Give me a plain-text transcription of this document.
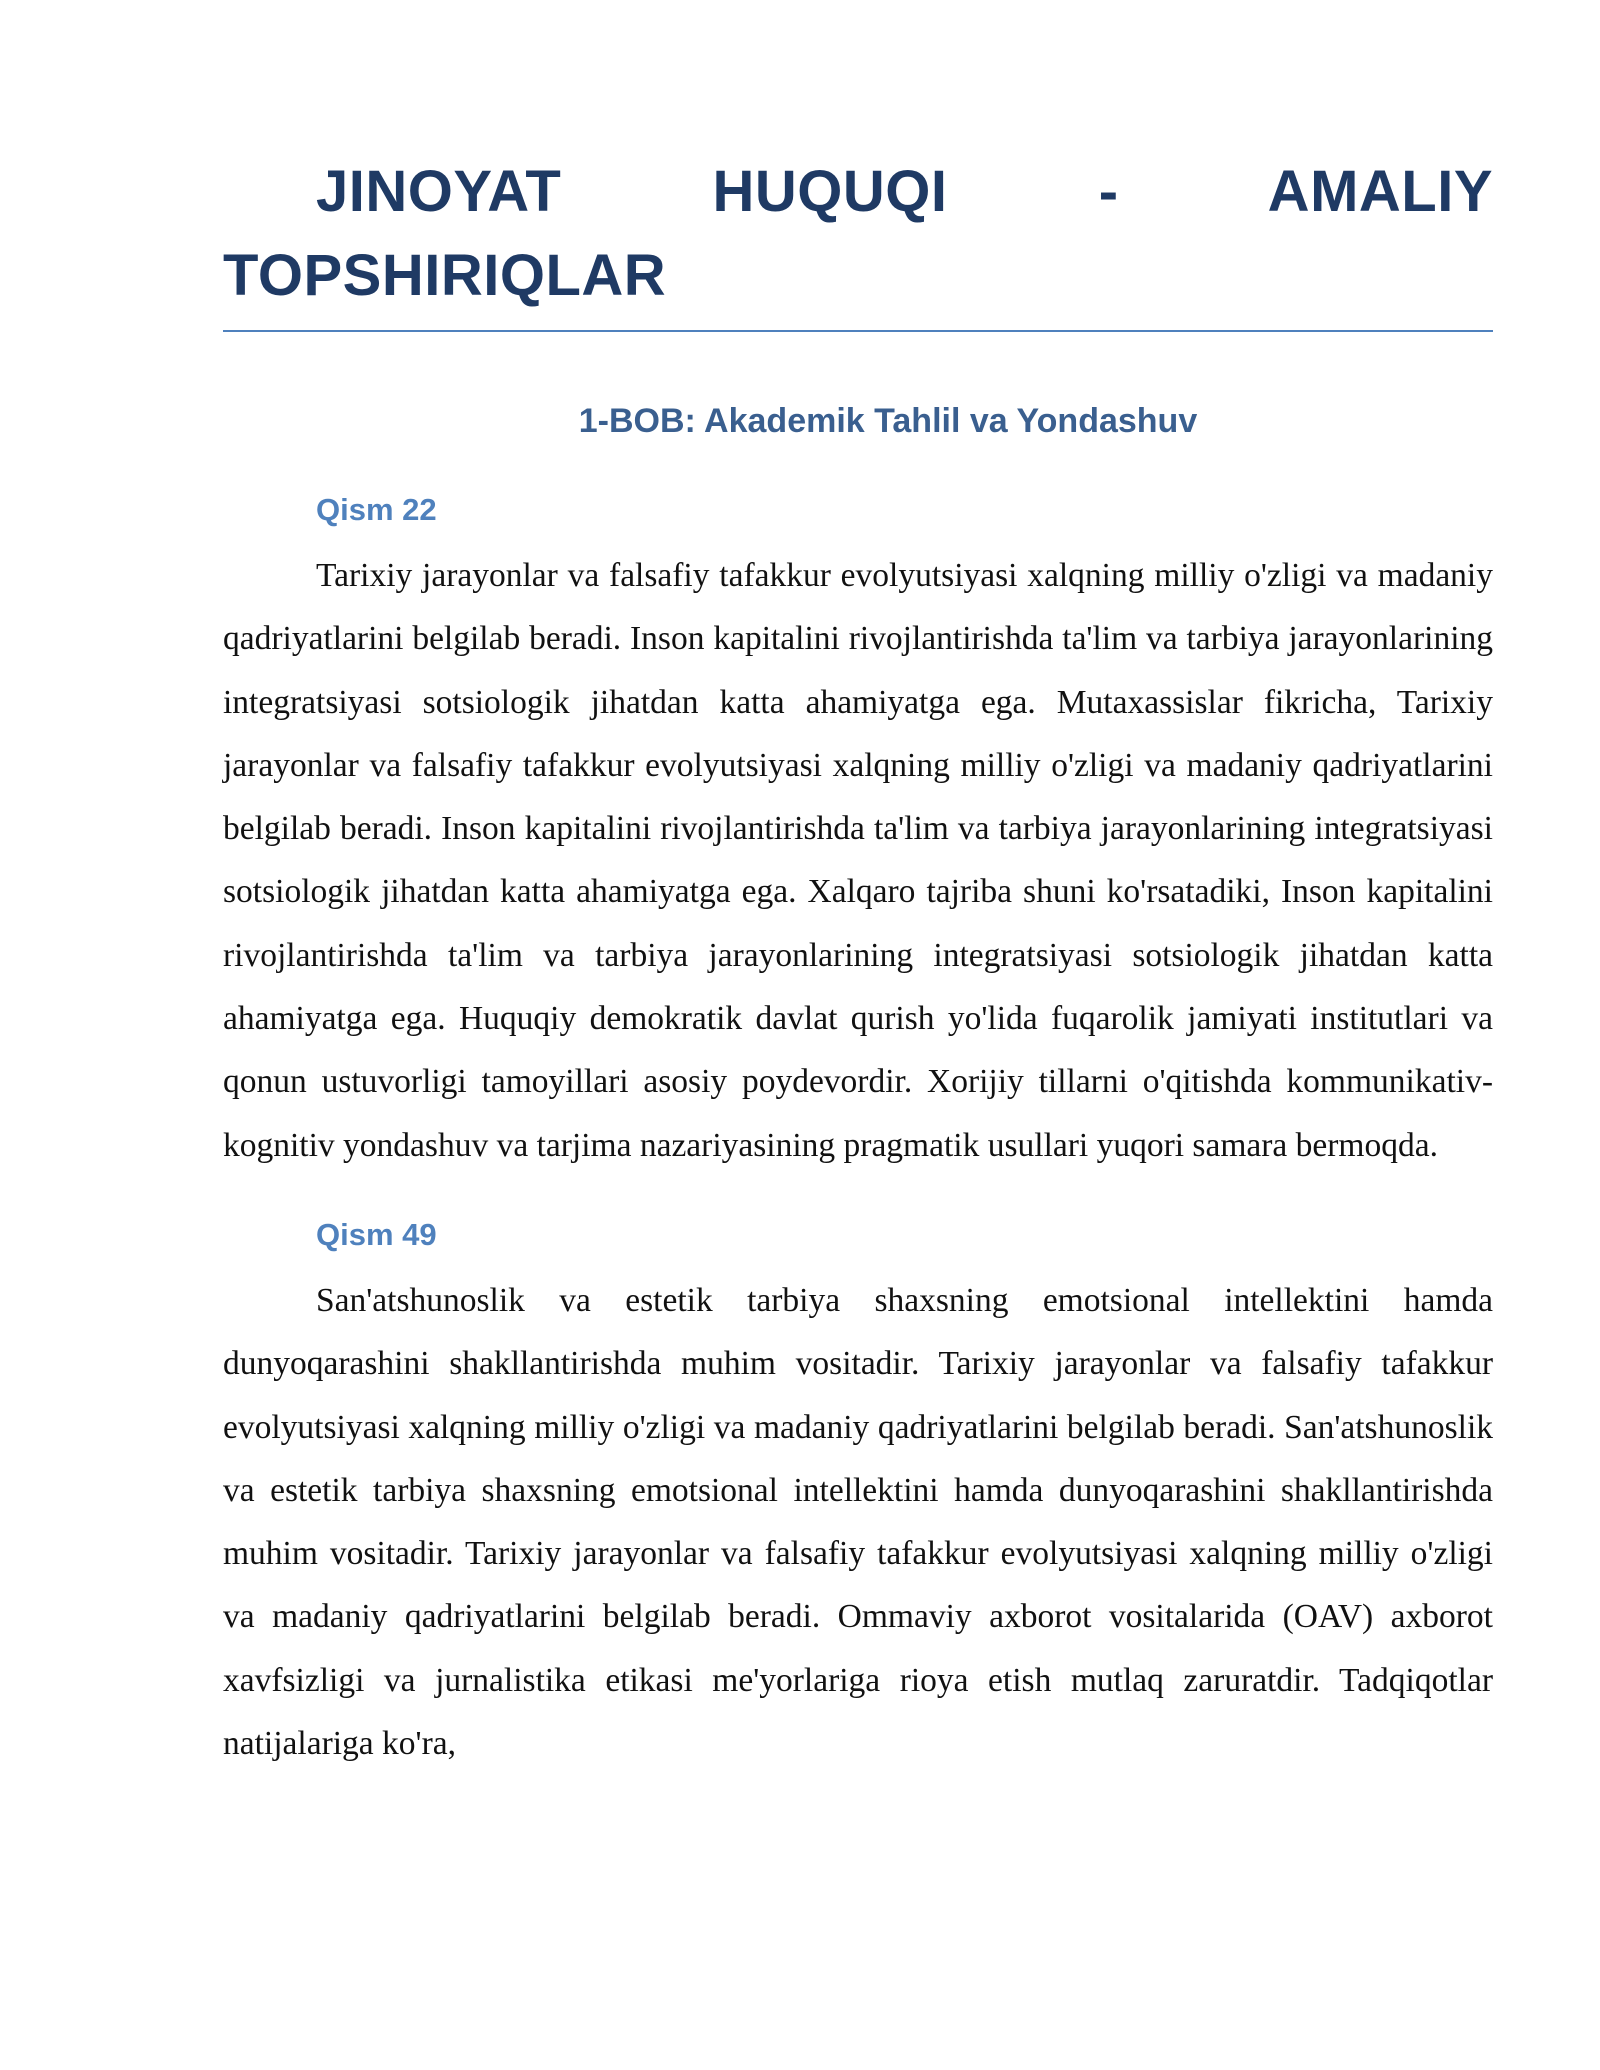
JINOYAT HUQUQI - AMALIY TOPSHIRIQLAR
1-BOB: Akademik Tahlil va Yondashuv
Qism 22

Tarixiy jarayonlar va falsafiy tafakkur evolyutsiyasi xalqning milliy o'zligi va madaniy qadriyatlarini belgilab beradi. Inson kapitalini rivojlantirishda ta'lim va tarbiya jarayonlarining integratsiyasi sotsiologik jihatdan katta ahamiyatga ega. Mutaxassislar fikricha, Tarixiy jarayonlar va falsafiy tafakkur evolyutsiyasi xalqning milliy o'zligi va madaniy qadriyatlarini belgilab beradi. Inson kapitalini rivojlantirishda ta'lim va tarbiya jarayonlarining integratsiyasi sotsiologik jihatdan katta ahamiyatga ega. Xalqaro tajriba shuni ko'rsatadiki, Inson kapitalini rivojlantirishda ta'lim va tarbiya jarayonlarining integratsiyasi sotsiologik jihatdan katta ahamiyatga ega. Huquqiy demokratik davlat qurish yo'lida fuqarolik jamiyati institutlari va qonun ustuvorligi tamoyillari asosiy poydevordir. Xorijiy tillarni o'qitishda kommunikativ-kognitiv yondashuv va tarjima nazariyasining pragmatik usullari yuqori samara bermoqda.

Qism 49

San'atshunoslik va estetik tarbiya shaxsning emotsional intellektini hamda dunyoqarashini shakllantirishda muhim vositadir. Tarixiy jarayonlar va falsafiy tafakkur evolyutsiyasi xalqning milliy o'zligi va madaniy qadriyatlarini belgilab beradi. San'atshunoslik va estetik tarbiya shaxsning emotsional intellektini hamda dunyoqarashini shakllantirishda muhim vositadir. Tarixiy jarayonlar va falsafiy tafakkur evolyutsiyasi xalqning milliy o'zligi va madaniy qadriyatlarini belgilab beradi. Ommaviy axborot vositalarida (OAV) axborot xavfsizligi va jurnalistika etikasi me'yorlariga rioya etish mutlaq zaruratdir. Tadqiqotlar natijalariga ko'ra,
